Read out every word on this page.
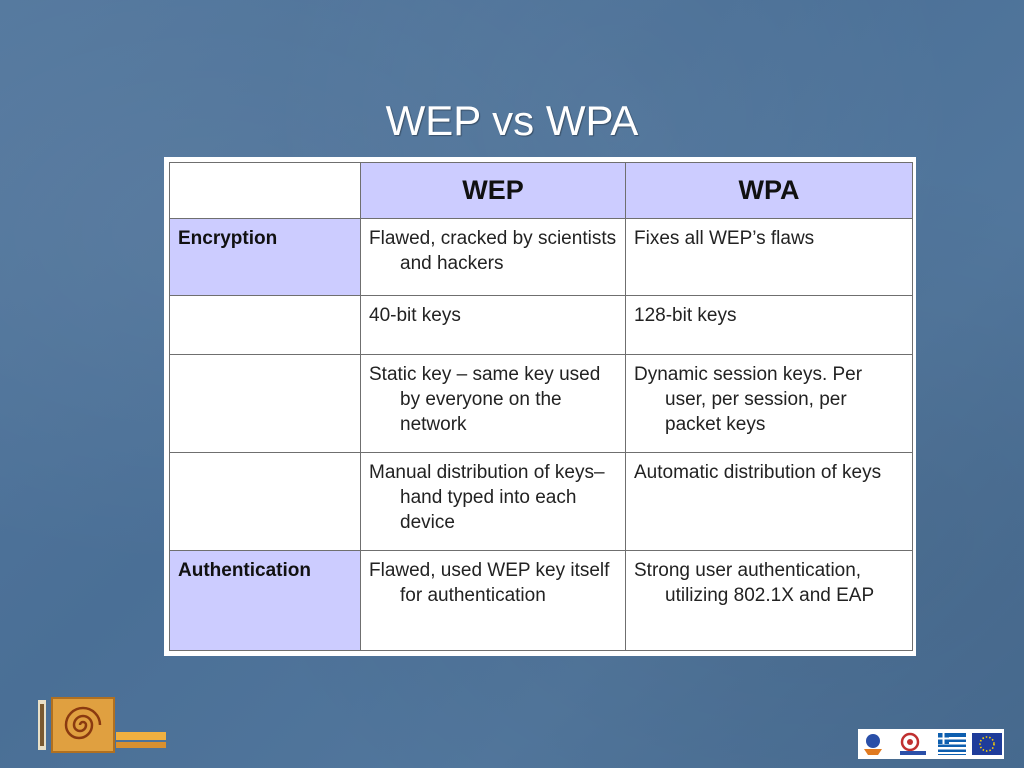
WEP vs WPA
	WEP	WPA
Encryption	Flawed, cracked by scientists and hackers	Fixes all WEP’s flaws

	40-bit keys	128-bit keys

	Static key – same key used by everyone on the network	Dynamic session keys. Per user, per session, per packet keys

	Manual distribution of keys– hand typed into each device	Automatic distribution of keys

Authentication	Flawed, used WEP key itself for authentication	Strong user authentication, utilizing 802.1X and EAP
